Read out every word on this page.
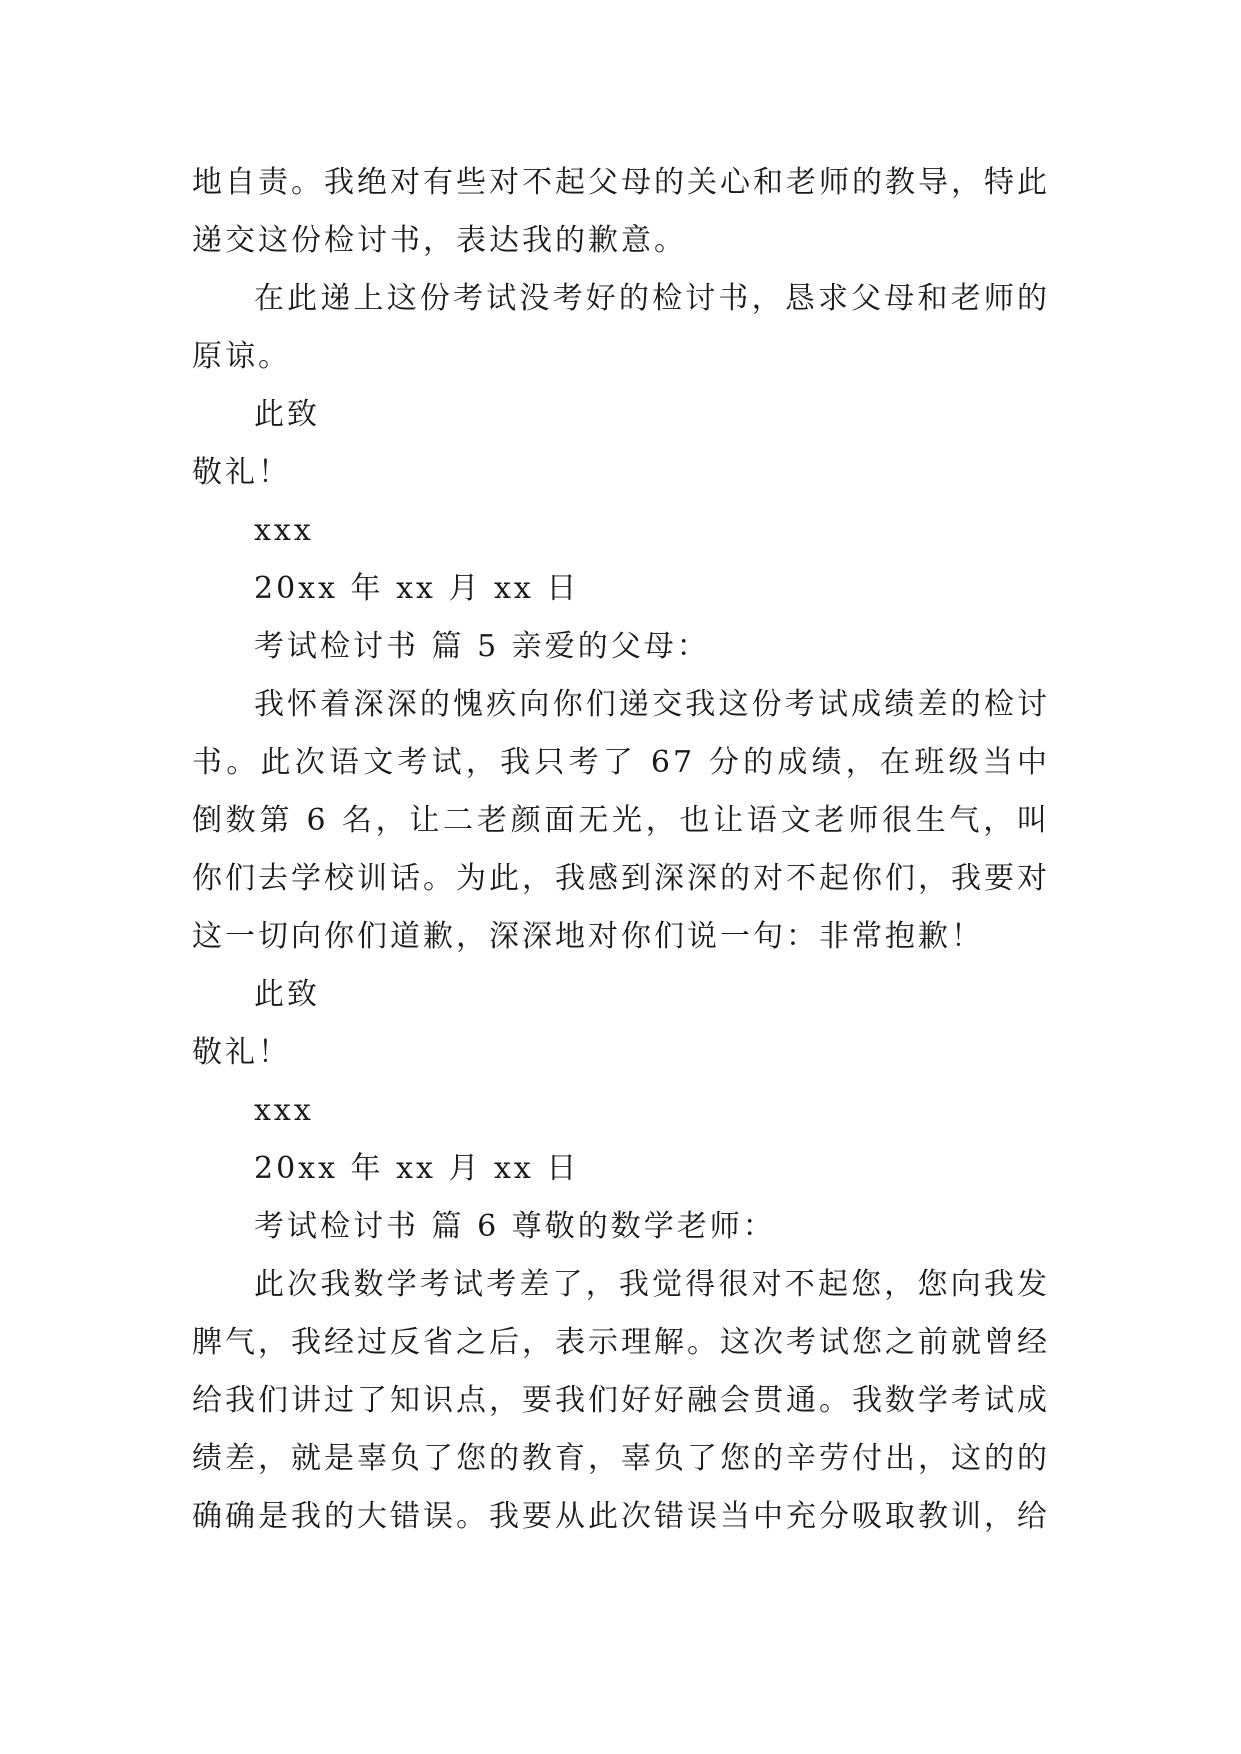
地自责。我绝对有些对不起父母的关心和老师的教导，特此递交这份检讨书，表达我的歉意。

在此递上这份考试没考好的检讨书，恳求父母和老师的原谅。

此致

敬礼！

xxx

20xx 年 xx 月 xx 日

考试检讨书 篇 5 亲爱的父母：

我怀着深深的愧疚向你们递交我这份考试成绩差的检讨书。此次语文考试，我只考了 67 分的成绩，在班级当中倒数第 6 名，让二老颜面无光，也让语文老师很生气，叫你们去学校训话。为此，我感到深深的对不起你们，我要对这一切向你们道歉，深深地对你们说一句：非常抱歉！

此致

敬礼！

xxx

20xx 年 xx 月 xx 日

考试检讨书 篇 6 尊敬的数学老师：

此次我数学考试考差了，我觉得很对不起您，您向我发脾气，我经过反省之后，表示理解。这次考试您之前就曾经给我们讲过了知识点，要我们好好融会贯通。我数学考试成绩差，就是辜负了您的教育，辜负了您的辛劳付出，这的的确确是我的大错误。我要从此次错误当中充分吸取教训，给
